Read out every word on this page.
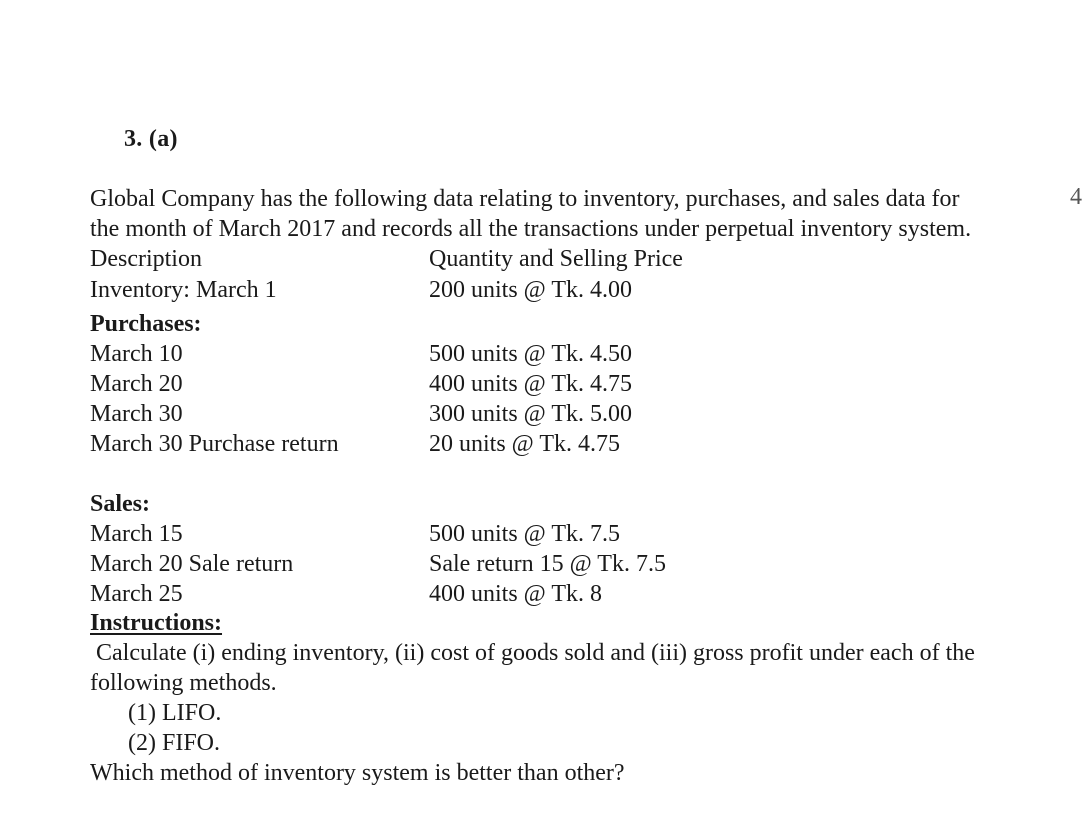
3. (a)
4
Global Company has the following data relating to inventory, purchases, and sales data for
the month of March 2017 and records all the transactions under perpetual inventory system.
Description	Quantity and Selling Price
Inventory: March 1	200 units @ Tk. 4.00
Purchases:
March 10	500 units @ Tk. 4.50
March 20	400 units @ Tk. 4.75
March 30	300 units @ Tk. 5.00
March 30 Purchase return	20 units @ Tk. 4.75
Sales:
March 15	500 units @ Tk. 7.5
March 20 Sale return	Sale return 15 @ Tk. 7.5
March 25	400 units @ Tk. 8
Instructions:
Calculate (i) ending inventory, (ii) cost of goods sold and (iii) gross profit under each of the
following methods.
(1) LIFO.
(2) FIFO.
Which method of inventory system is better than other?
